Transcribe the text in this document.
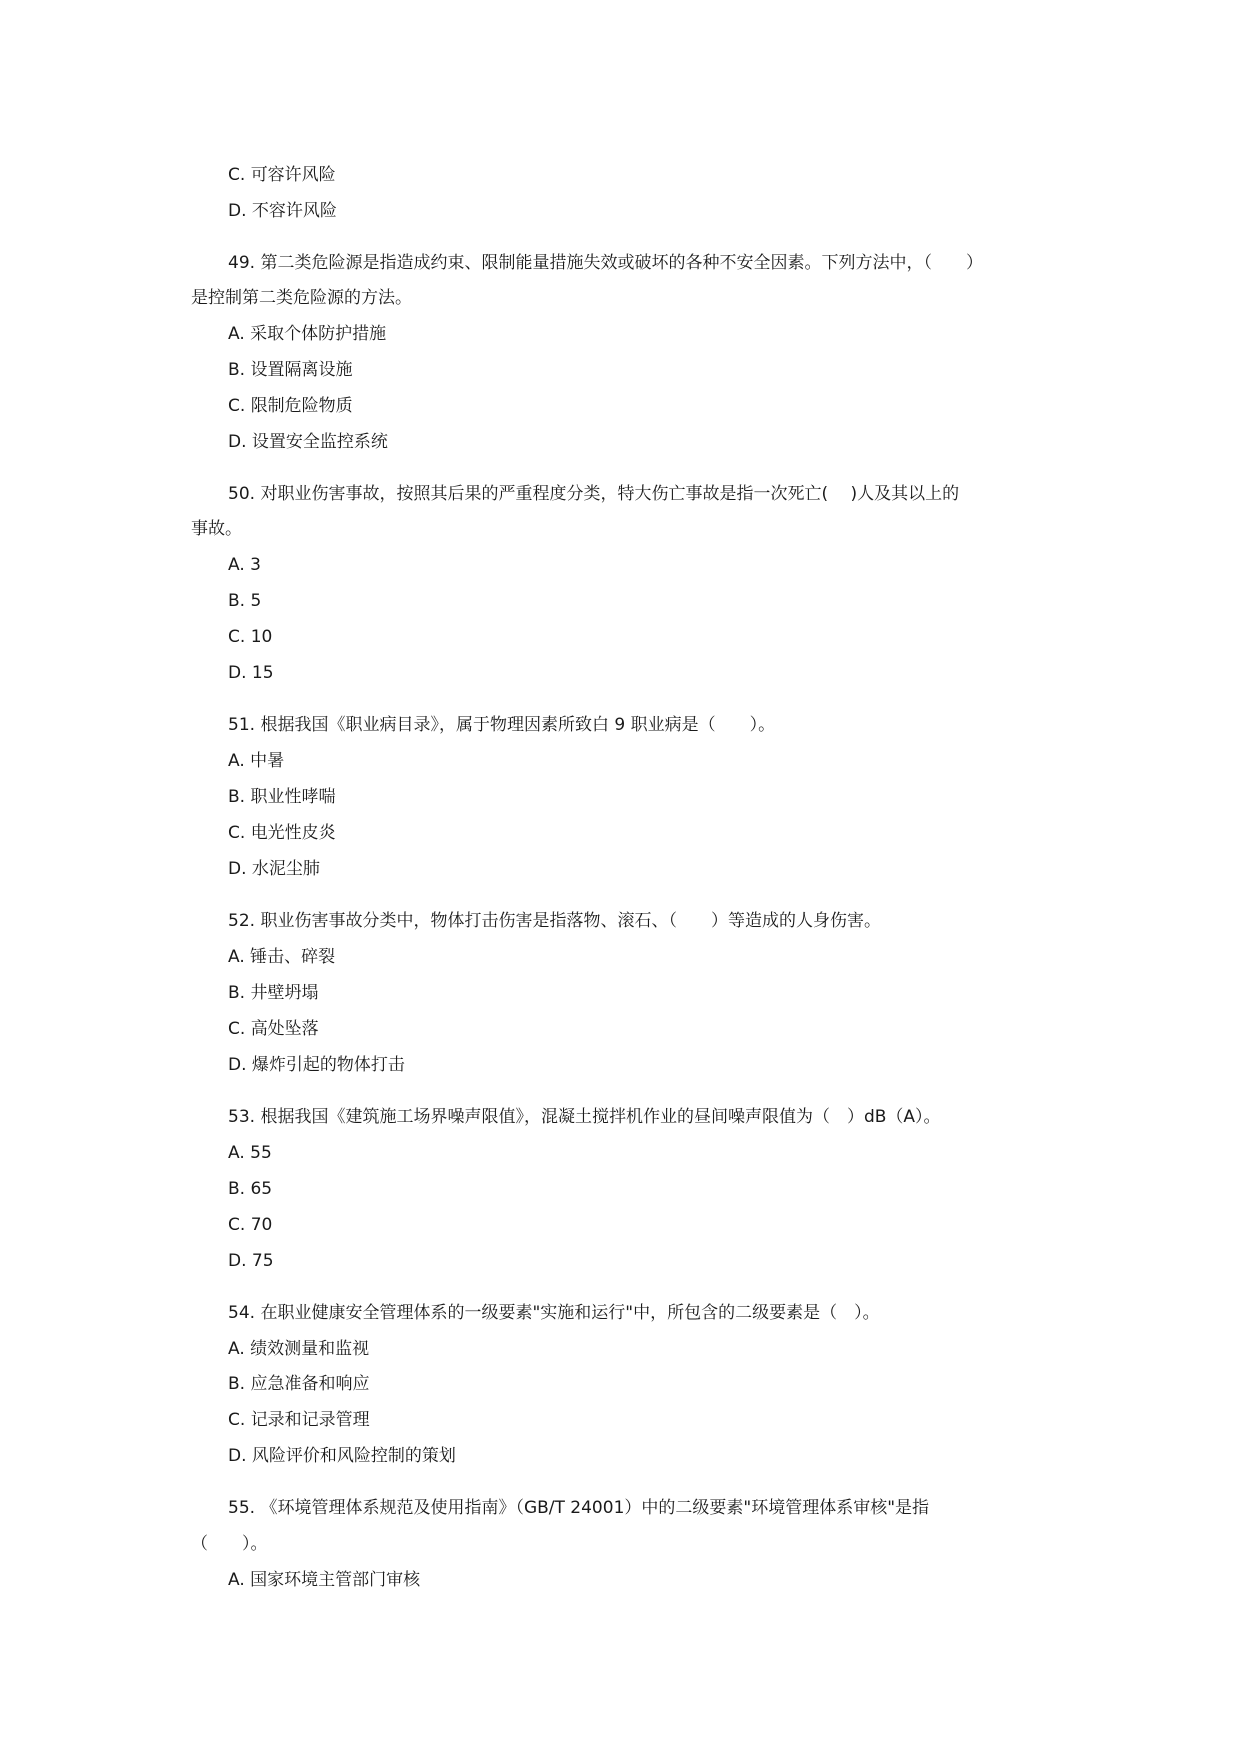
C. 可容许风险
D. 不容许风险
49. 第二类危险源是指造成约束、限制能量措施失效或破坏的各种不安全因素。下列方法中，（　　）
是控制第二类危险源的方法。
A. 采取个体防护措施
B. 设置隔离设施
C. 限制危险物质
D. 设置安全监控系统
50. 对职业伤害事故，按照其后果的严重程度分类，特大伤亡事故是指一次死亡(　 )人及其以上的
事故。
A. 3
B. 5
C. 10
D. 15
51. 根据我国《职业病目录》，属于物理因素所致白 9 职业病是（　　）。
A. 中暑
B. 职业性哮喘
C. 电光性皮炎
D. 水泥尘肺
52. 职业伤害事故分类中，物体打击伤害是指落物、滚石、（　　）等造成的人身伤害。
A. 锤击、碎裂
B. 井壁坍塌
C. 高处坠落
D. 爆炸引起的物体打击
53. 根据我国《建筑施工场界噪声限值》，混凝土搅拌机作业的昼间噪声限值为（　）dB（A）。
A. 55
B. 65
C. 70
D. 75
54. 在职业健康安全管理体系的一级要素"实施和运行"中，所包含的二级要素是（　）。
A. 绩效测量和监视
B. 应急准备和响应
C. 记录和记录管理
D. 风险评价和风险控制的策划
55. 《环境管理体系规范及使用指南》（GB/T 24001）中的二级要素"环境管理体系审核"是指
（　　）。
A. 国家环境主管部门审核
